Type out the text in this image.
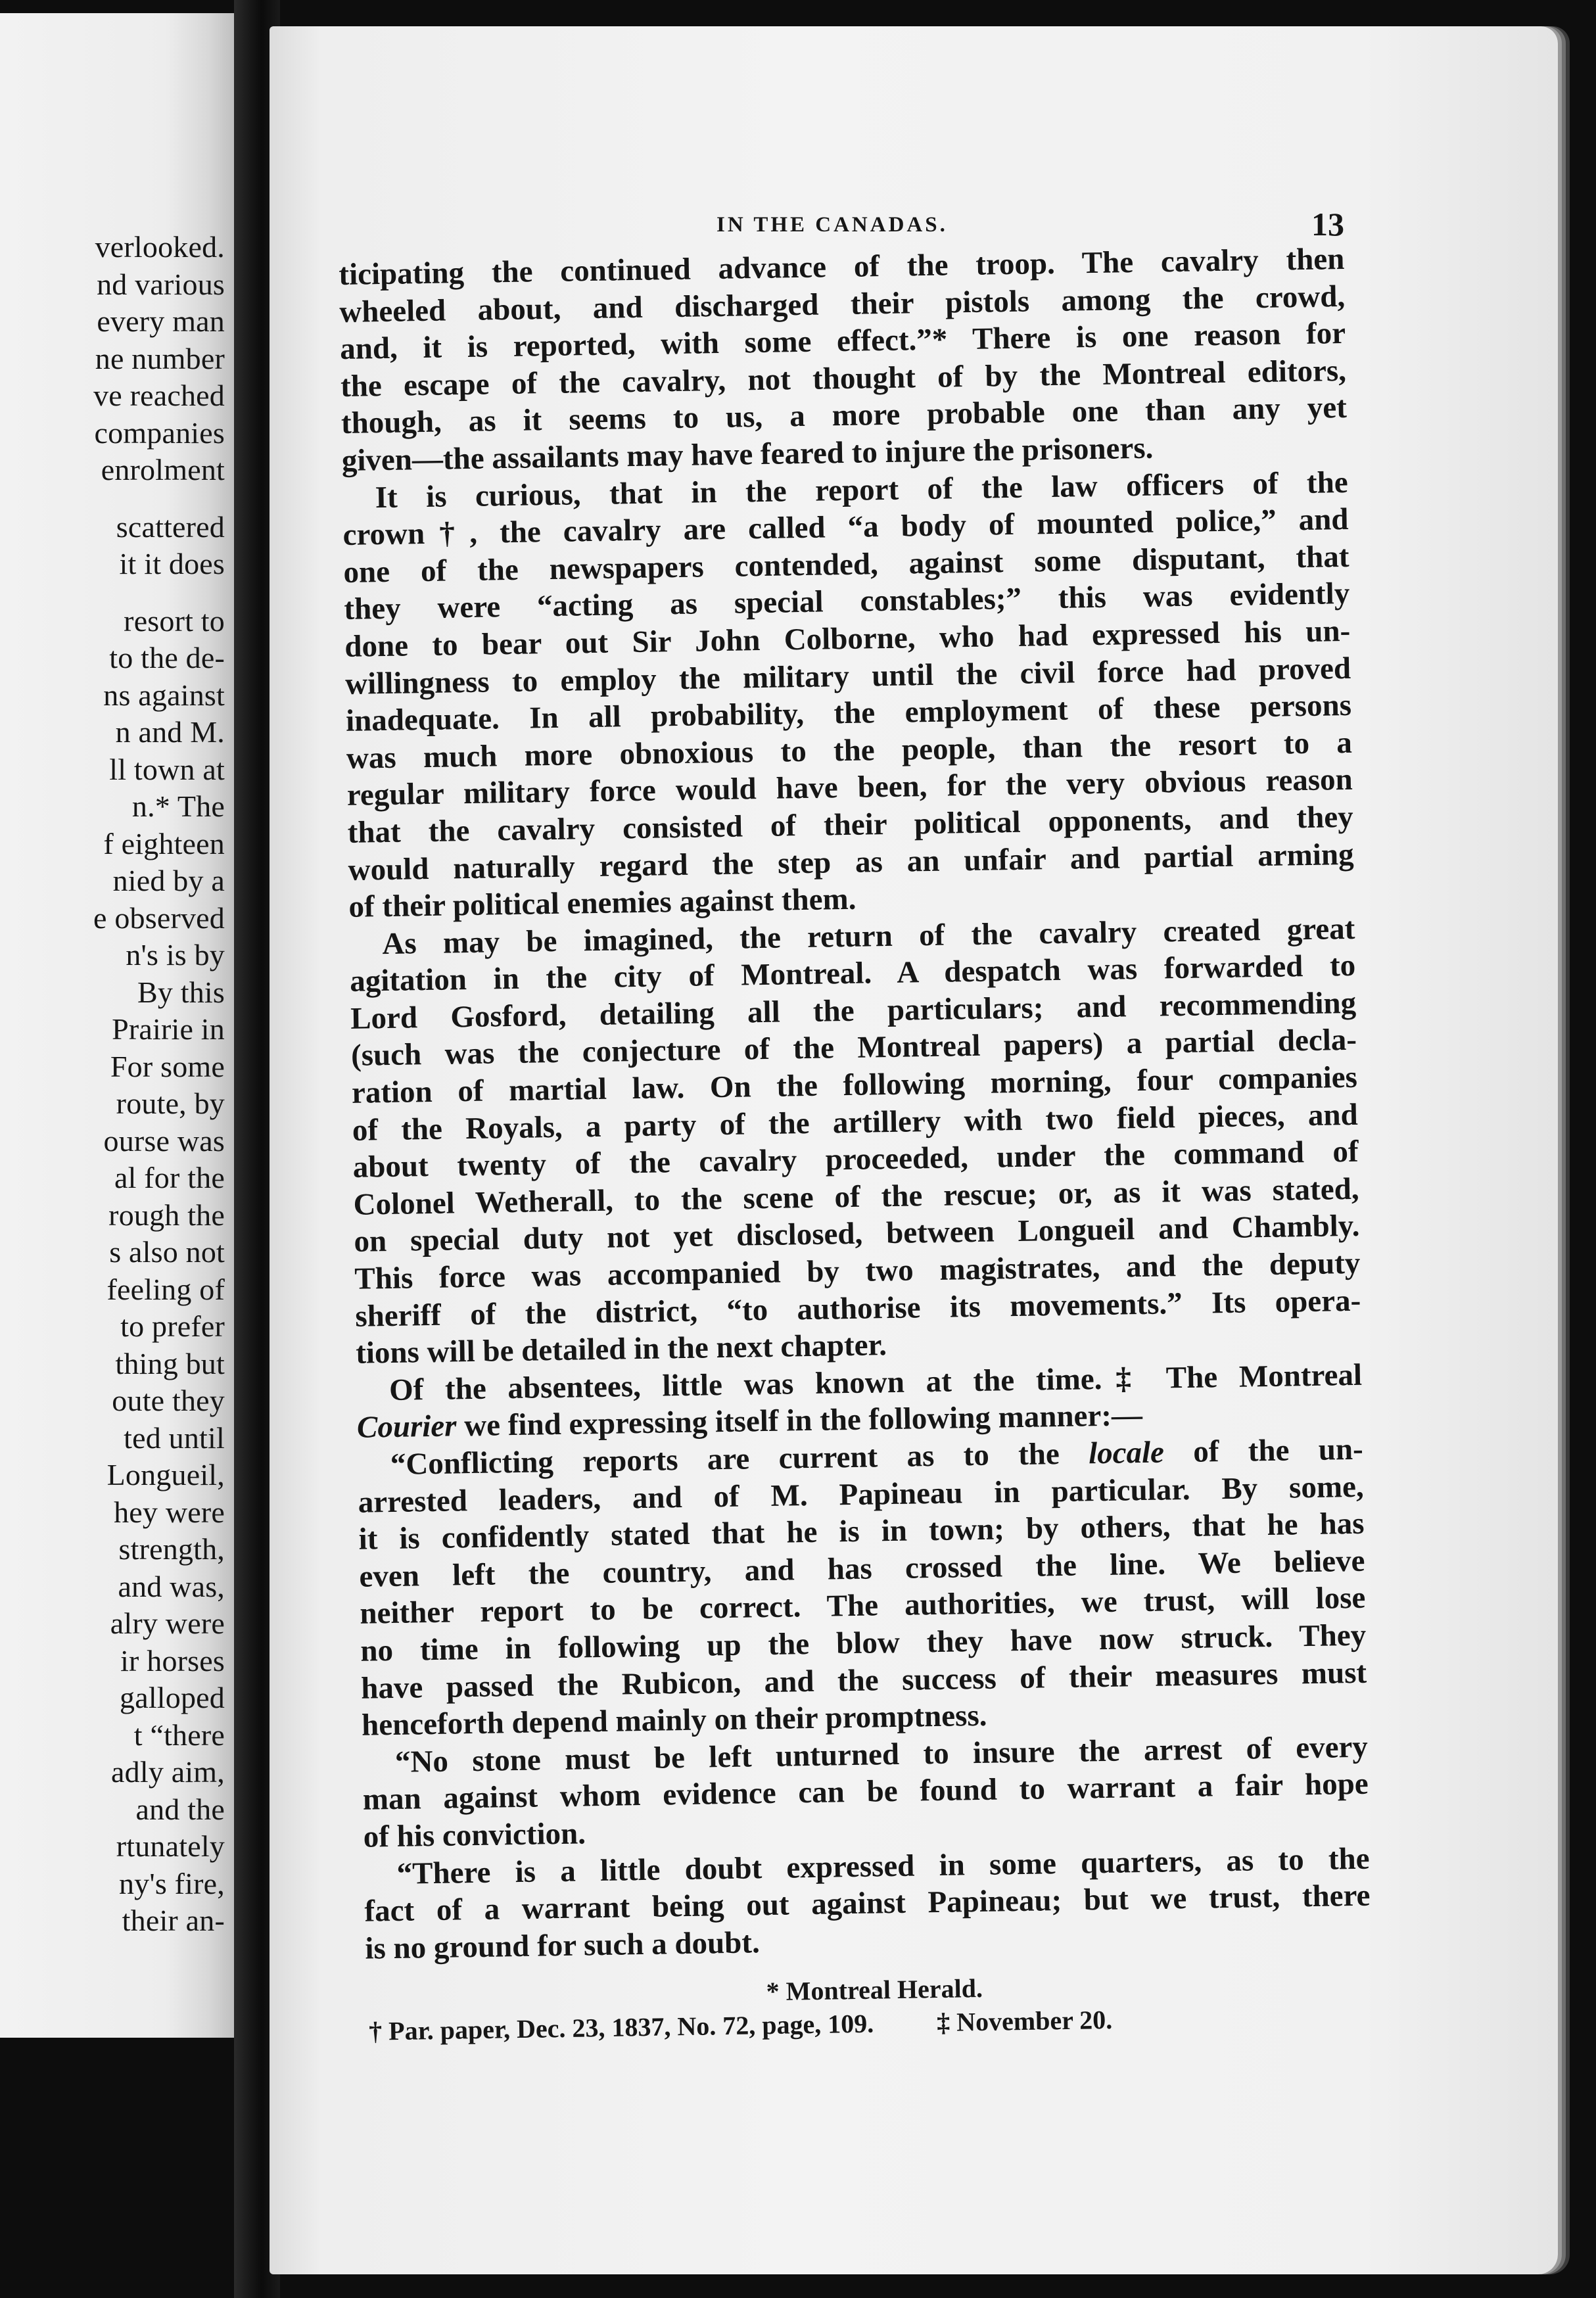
verlooked.
nd various
every man
ne number
ve reached
companies
enrolment
scattered
it it does
resort to
to the de-
ns against
n and M.
ll town at
n.* The
f eighteen
nied by a
e observed
n's is by
By this
Prairie in
For some
route, by
ourse was
al for the
rough the
s also not
feeling of
to prefer
thing but
oute they
ted until
Longueil,
hey were
strength,
and was,
alry were
ir horses
galloped
t “there
adly aim,
and the
rtunately
ny's fire,
their an-
IN THE CANADAS.	13
ticipating the continued advance of the troop. The cavalry then
wheeled about, and discharged their pistols among the crowd,
and, it is reported, with some effect.”* There is one reason for
the escape of the cavalry, not thought of by the Montreal editors,
though, as it seems to us, a more probable one than any yet
given—the assailants may have feared to injure the prisoners.
It is curious, that in the report of the law officers of the
crown†, the cavalry are called “a body of mounted police,” and
one of the newspapers contended, against some disputant, that
they were “acting as special constables;” this was evidently
done to bear out Sir John Colborne, who had expressed his un-
willingness to employ the military until the civil force had proved
inadequate. In all probability, the employment of these persons
was much more obnoxious to the people, than the resort to a
regular military force would have been, for the very obvious reason
that the cavalry consisted of their political opponents, and they
would naturally regard the step as an unfair and partial arming
of their political enemies against them.
As may be imagined, the return of the cavalry created great
agitation in the city of Montreal. A despatch was forwarded to
Lord Gosford, detailing all the particulars; and recommending
(such was the conjecture of the Montreal papers) a partial decla-
ration of martial law. On the following morning, four companies
of the Royals, a party of the artillery with two field pieces, and
about twenty of the cavalry proceeded, under the command of
Colonel Wetherall, to the scene of the rescue; or, as it was stated,
on special duty not yet disclosed, between Longueil and Chambly.
This force was accompanied by two magistrates, and the deputy
sheriff of the district, “to authorise its movements.” Its opera-
tions will be detailed in the next chapter.
Of the absentees, little was known at the time.‡ The Montreal
Courier we find expressing itself in the following manner:—
“Conflicting reports are current as to the locale of the un-
arrested leaders, and of M. Papineau in particular. By some,
it is confidently stated that he is in town; by others, that he has
even left the country, and has crossed the line. We believe
neither report to be correct. The authorities, we trust, will lose
no time in following up the blow they have now struck. They
have passed the Rubicon, and the success of their measures must
henceforth depend mainly on their promptness.
“No stone must be left unturned to insure the arrest of every
man against whom evidence can be found to warrant a fair hope
of his conviction.
“There is a little doubt expressed in some quarters, as to the
fact of a warrant being out against Papineau; but we trust, there
is no ground for such a doubt.
* Montreal Herald.
† Par. paper, Dec. 23, 1837, No. 72, page, 109. ‡ November 20.
